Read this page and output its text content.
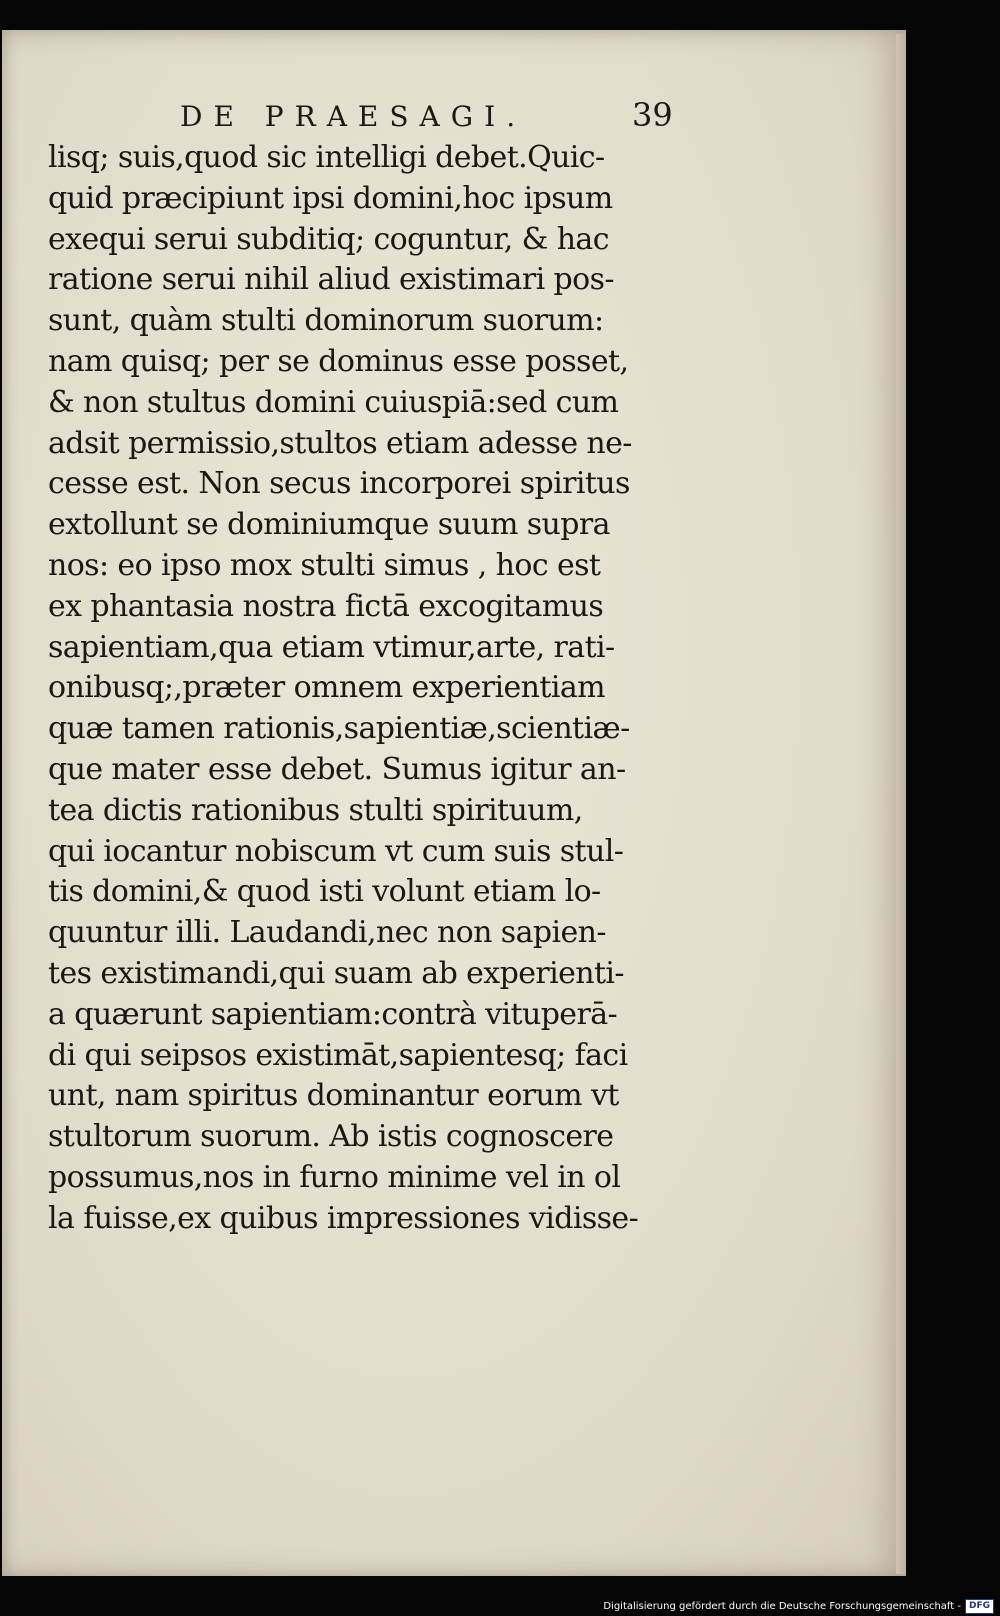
DE PRAESAGI.	39
lisq; suis,quod sic intelligi debet.Quic-
quid præcipiunt ipsi domini,hoc ipsum
exequi serui subditiq; coguntur, & hac
ratione serui nihil aliud existimari pos-
sunt, quàm stulti dominorum suorum:
nam quisq; per se dominus esse posset,
& non stultus domini cuiuspiā:sed cum
adsit permissio,stultos etiam adesse ne-
cesse est. Non secus incorporei spiritus
extollunt se dominiumque suum supra
nos: eo ipso mox stulti simus , hoc est
ex phantasia nostra fictā excogitamus
sapientiam,qua etiam vtimur,arte, rati-
onibusq;,præter omnem experientiam
quæ tamen rationis,sapientiæ,scientiæ-
que mater esse debet. Sumus igitur an-
tea dictis rationibus stulti spirituum,
qui iocantur nobiscum vt cum suis stul-
tis domini,& quod isti volunt etiam lo-
quuntur illi. Laudandi,nec non sapien-
tes existimandi,qui suam ab experienti-
a quærunt sapientiam:contrà vituperā-
di qui seipsos existimāt,sapientesq; faci
unt, nam spiritus dominantur eorum vt
stultorum suorum. Ab istis cognoscere
possumus,nos in furno minime vel in ol
la fuisse,ex quibus impressiones vidisse-
Digitalisierung gefördert durch die Deutsche Forschungsgemeinschaft - DFG
